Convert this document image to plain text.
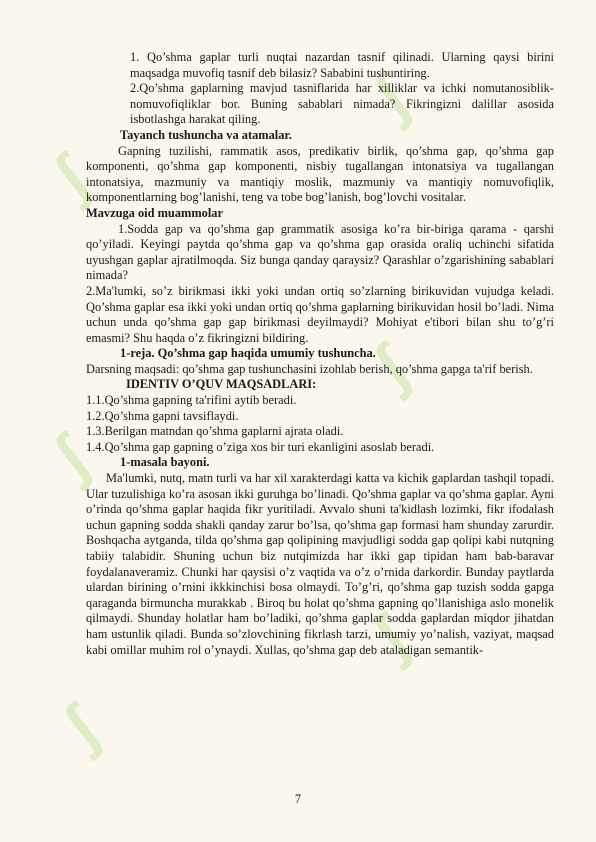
ʃ
ʃ
ʃ
ʃ
ʃ
ʃ

1. Qo’shma gaplar turli nuqtai nazardan tasnif qilinadi. Ularning qaysi birini maqsadga muvofiq tasnif deb bilasiz? Sababini tushuntiring.

2.Qo’shma gaplarning mavjud tasniflarida har xilliklar va ichki nomutanosiblik-nomuvofiqliklar bor. Buning sabablari nimada? Fikringizni dalillar asosida isbotlashga harakat qiling.

Tayanch tushuncha va atamalar.

Gapning tuzilishi, rammatik asos, predikativ birlik, qo’shma gap, qo’shma gap komponenti, qo’shma gap komponenti, nisbiy tugallangan intonatsiya va tugallangan intonatsiya, mazmuniy va mantiqiy moslik, mazmuniy va mantiqiy nomuvofiqlik, komponentlarning bog’lanishi, teng va tobe bog’lanish, bog’lovchi vositalar.

Mavzuga oid muammolar

1.Sodda gap va qo’shma gap grammatik asosiga ko’ra bir-biriga qarama - qarshi qo’yiladi. Keyingi paytda qo’shma gap va qo’shma gap orasida oraliq uchinchi sifatida uyushgan gaplar ajratilmoqda. Siz bunga qanday qaraysiz? Qarashlar o’zgarishining sabablari nimada?

2.Ma'lumki, so’z birikmasi ikki yoki undan ortiq so’zlarning birikuvidan vujudga keladi. Qo’shma gaplar esa ikki yoki undan ortiq qo’shma gaplarning birikuvidan hosil bo’ladi. Nima uchun unda qo’shma gap gap birikmasi deyilmaydi? Mohiyat e'tibori bilan shu to’g’ri emasmi? Shu haqda o’z fikringizni bildiring.

1-reja. Qo’shma gap haqida umumiy tushuncha.

Darsning maqsadi: qo’shma gap tushunchasini izohlab berish, qo’shma gapga ta'rif berish.

IDENTIV O’QUV MAQSADLARI:

1.1.Qo’shma gapning ta'rifini aytib beradi.

1.2.Qo’shma gapni tavsiflaydi.

1.3.Berilgan matndan qo’shma gaplarni ajrata oladi.

1.4.Qo’shma gap gapning o’ziga xos bir turi ekanligini asoslab beradi.

1-masala bayoni.

Ma'lumki, nutq, matn turli va har xil xarakterdagi katta va kichik gaplardan tashqil topadi. Ular tuzulishiga ko’ra asosan ikki guruhga bo’linadi. Qo’shma gaplar va qo’shma gaplar. Ayni o’rinda qo’shma gaplar haqida fikr yuritiladi. Avvalo shuni ta'kidlash lozimki, fikr ifodalash uchun gapning sodda shakli qanday zarur bo’lsa, qo’shma gap formasi ham shunday zarurdir. Boshqacha aytganda, tilda qo’shma gap qolipining mavjudligi sodda gap qolipi kabi nutqning tabiiy talabidir. Shuning uchun biz nutqimizda har ikki gap tipidan ham bab-baravar foydalanaveramiz. Chunki har qaysisi o’z vaqtida va o’z o’rnida darkordir. Bunday paytlarda ulardan birining o’rnini ikkkinchisi bosa olmaydi. To’g’ri, qo’shma gap tuzish sodda gapga qaraganda birmuncha murakkab . Biroq bu holat qo’shma gapning qo’llanishiga aslo monelik qilmaydi. Shunday holatlar ham bo’ladiki, qo’shma gaplar sodda gaplardan miqdor jihatdan ham ustunlik qiladi. Bunda so’zlovchining fikrlash tarzi, umumiy yo’nalish, vaziyat, maqsad kabi omillar muhim rol o’ynaydi. Xullas, qo’shma gap deb ataladigan semantik-

7
